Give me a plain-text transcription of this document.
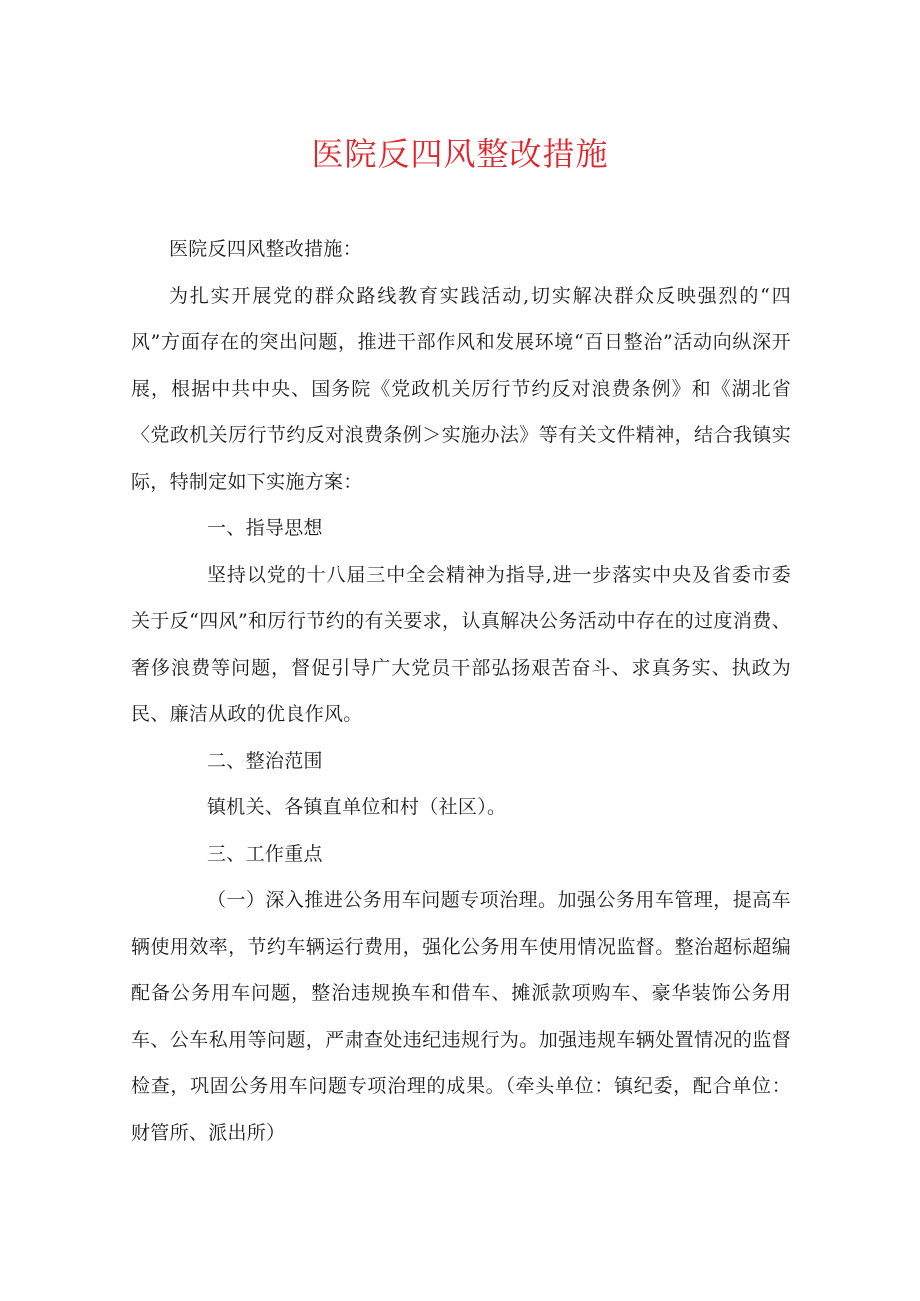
医院反四风整改措施

医院反四风整改措施：

为扎实开展党的群众路线教育实践活动,切实解决群众反映强烈的“四风”方面存在的突出问题，推进干部作风和发展环境“百日整治”活动向纵深开展，根据中共中央、国务院《党政机关厉行节约反对浪费条例》和《湖北省〈党政机关厉行节约反对浪费条例＞实施办法》等有关文件精神，结合我镇实际，特制定如下实施方案：

一、指导思想

坚持以党的十八届三中全会精神为指导,进一步落实中央及省委市委关于反“四风”和厉行节约的有关要求，认真解决公务活动中存在的过度消费、奢侈浪费等问题，督促引导广大党员干部弘扬艰苦奋斗、求真务实、执政为民、廉洁从政的优良作风。

二、整治范围

镇机关、各镇直单位和村（社区）。

三、工作重点

（一）深入推进公务用车问题专项治理。加强公务用车管理，提高车辆使用效率，节约车辆运行费用，强化公务用车使用情况监督。整治超标超编配备公务用车问题，整治违规换车和借车、摊派款项购车、豪华装饰公务用车、公车私用等问题，严肃查处违纪违规行为。加强违规车辆处置情况的监督检查，巩固公务用车问题专项治理的成果。（牵头单位：镇纪委，配合单位：财管所、派出所）
